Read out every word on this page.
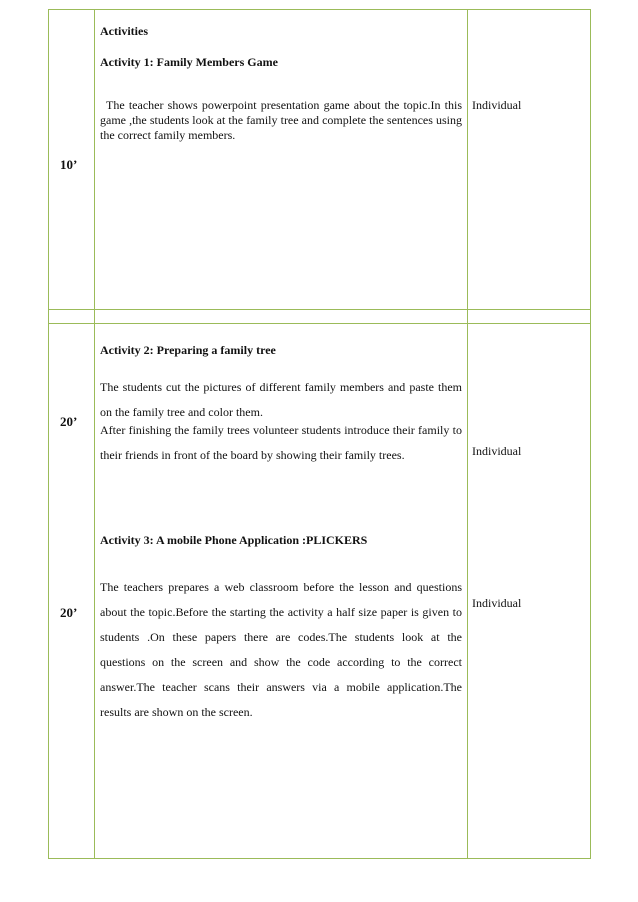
10’
Activities
Activity 1: Family Members Game
The teacher shows powerpoint presentation game about the topic.In this game ,the students look at the family tree and complete the sentences using the correct family members.
Individual
20’
Activity 2: Preparing a family tree
The students cut the pictures of different family members and paste them on the family tree and color them.
After finishing the family trees volunteer students introduce their family to their friends in front of the board by showing their family trees.	Individual
Activity 3: A mobile Phone Application :PLICKERS
20’
The teachers prepares a web classroom before the lesson and questions about the topic.Before the starting the activity a half size paper is given to students .On these papers there are codes.The students look at the questions on the screen and show the code according to the correct answer.The teacher scans their answers via a mobile application.The results are shown on the screen.
Individual
